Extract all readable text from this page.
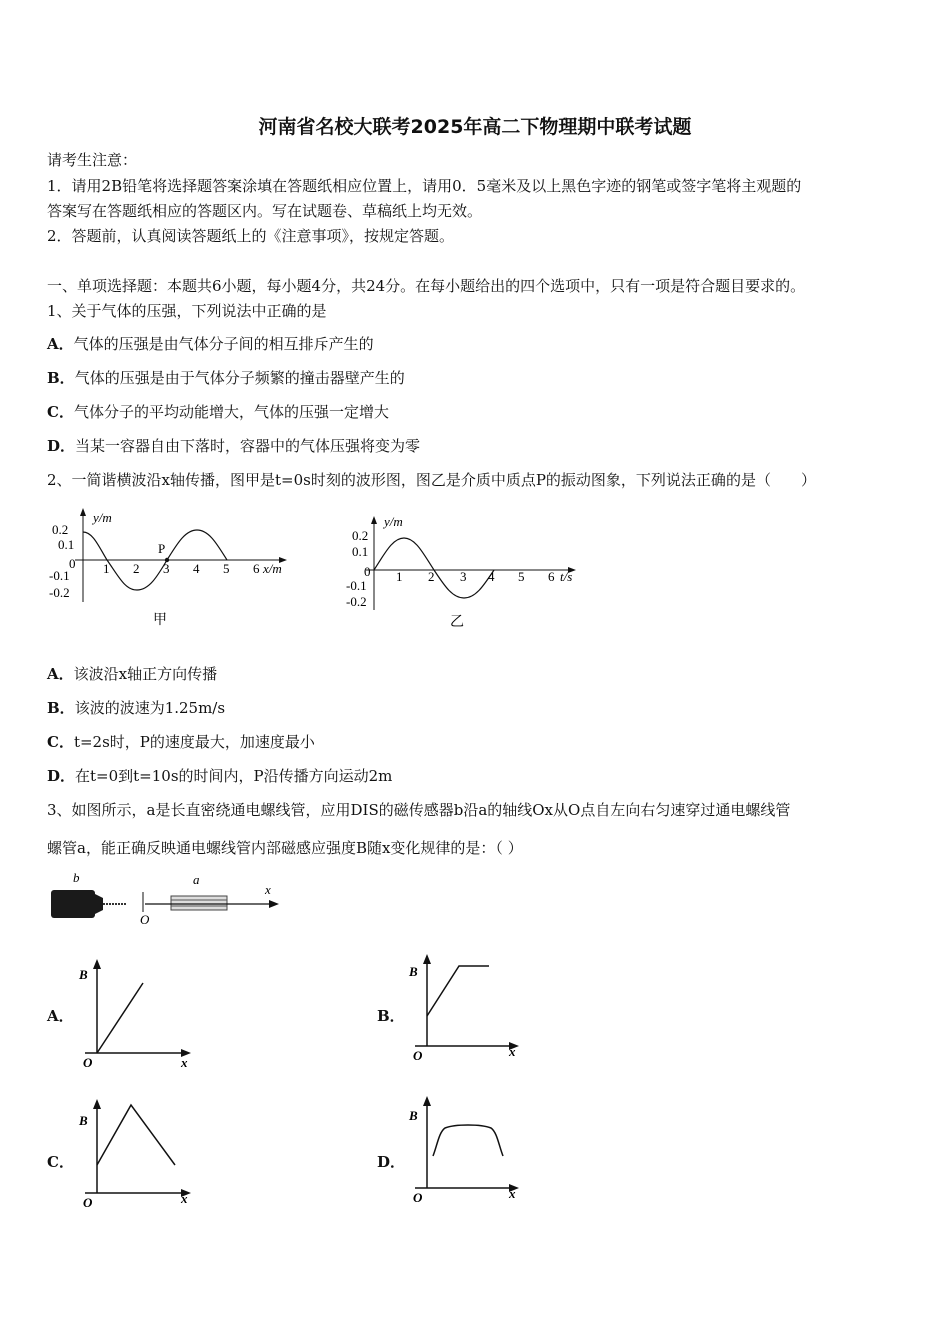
河南省名校大联考2025年高二下物理期中联考试题
请考生注意：
1．请用2B铅笔将选择题答案涂填在答题纸相应位置上，请用0．5毫米及以上黑色字迹的钢笔或签字笔将主观题的
答案写在答题纸相应的答题区内。写在试题卷、草稿纸上均无效。
2．答题前，认真阅读答题纸上的《注意事项》，按规定答题。
一、单项选择题：本题共6小题，每小题4分，共24分。在每小题给出的四个选项中，只有一项是符合题目要求的。
1、关于气体的压强，下列说法中正确的是
A．气体的压强是由气体分子间的相互排斥产生的
B．气体的压强是由于气体分子频繁的撞击器壁产生的
C．气体分子的平均动能增大，气体的压强一定增大
D．当某一容器自由下落时，容器中的气体压强将变为零
2、一简谐横波沿x轴传播，图甲是t=0s时刻的波形图，图乙是介质中质点P的振动图象，下列说法正确的是（　　）
y/m
0.2
0.1
0
-0.1
-0.2
1 2 3 4 5 6 x/m
P
甲
y/m
0.2
0.1
0
-0.1
-0.2
1 2 3 4 5 6 t/s
乙
A．该波沿x轴正方向传播
B．该波的波速为1.25m/s
C．t=2s时，P的速度最大，加速度最小
D．在t=0到t=10s的时间内，P沿传播方向运动2m
3、如图所示，a是长直密绕通电螺线管，应用DIS的磁传感器b沿a的轴线Ox从O点自左向右匀速穿过通电螺线管
螺管a，能正确反映通电螺线管内部磁感应强度B随x变化规律的是：（ ）
b
O
a
x
A．
B
O	x
B．
B
O	x
C．
B
O	x
D．
B
O	x
